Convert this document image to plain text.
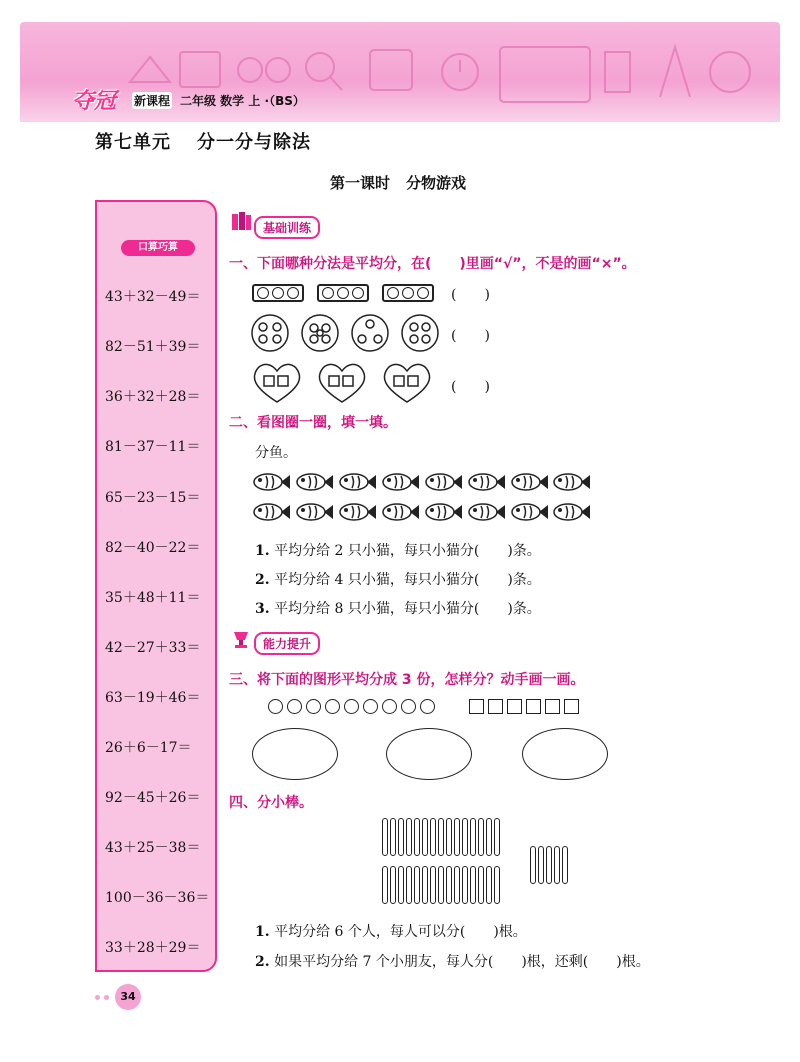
夺冠 新课程 二年级 数学 上 ·（BS）
第七单元 分一分与除法
第一课时 分物游戏
口算巧算
43＋32－49＝
82－51＋39＝
36＋32＋28＝
81－37－11＝
65－23－15＝
82－40－22＝
35＋48＋11＝
42－27＋33＝
63－19＋46＝
26＋6－17＝
92－45＋26＝
43＋25－38＝
100－36－36＝
33＋28＋29＝
基础训练
一、下面哪种分法是平均分，在(　　)里画“√”，不是的画“×”。
(　　)
(　　)
(　　)
二、看图圈一圈，填一填。
分鱼。
1. 平均分给 2 只小猫，每只小猫分(　　)条。
2. 平均分给 4 只小猫，每只小猫分(　　)条。
3. 平均分给 8 只小猫，每只小猫分(　　)条。
能力提升
三、将下面的图形平均分成 3 份，怎样分？动手画一画。
四、分小棒。
1. 平均分给 6 个人，每人可以分(　　)根。
2. 如果平均分给 7 个小朋友，每人分(　　)根，还剩(　　)根。
34
